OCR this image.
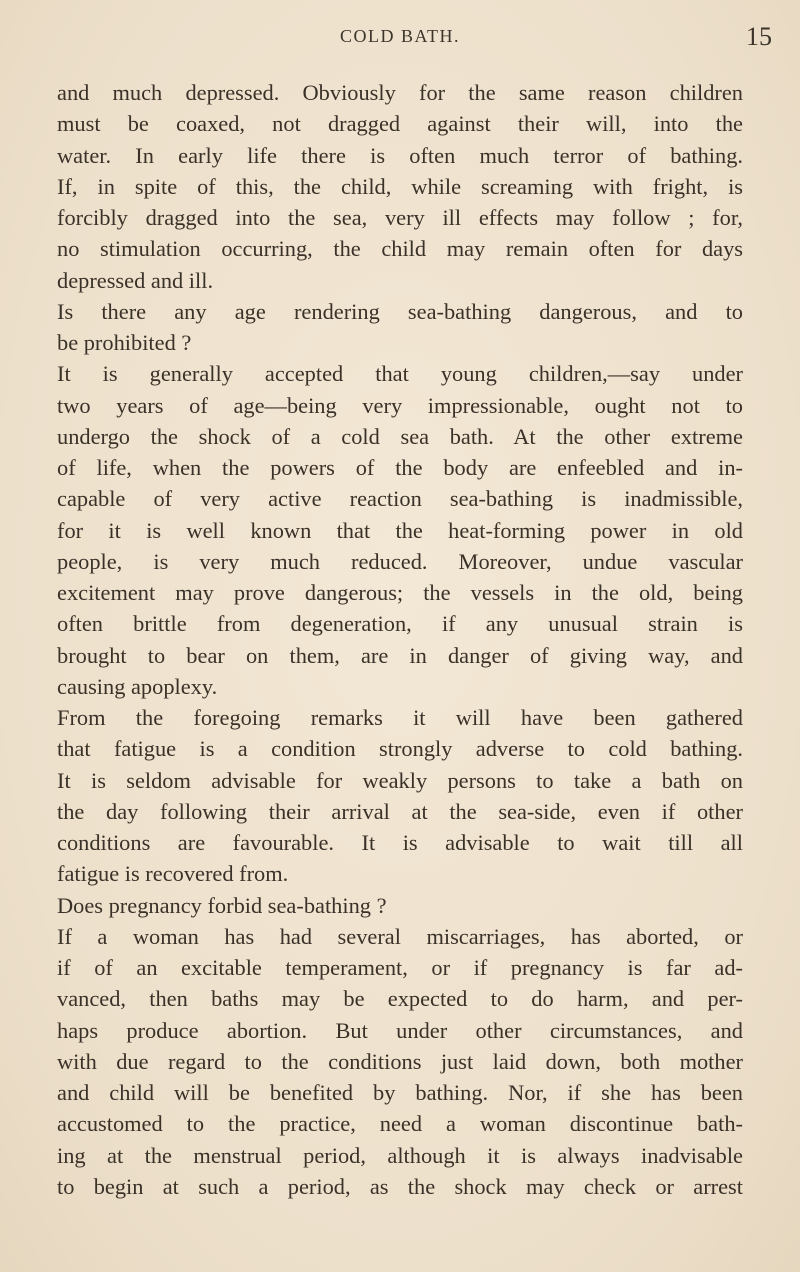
COLD BATH.	15
and much depressed. Obviously for the same reason children
must be coaxed, not dragged against their will, into the
water. In early life there is often much terror of bathing.
If, in spite of this, the child, while screaming with fright, is
forcibly dragged into the sea, very ill effects may follow ; for,
no stimulation occurring, the child may remain often for days
depressed and ill.
Is there any age rendering sea-bathing dangerous, and to
be prohibited ?
It is generally accepted that young children,—say under
two years of age—being very impressionable, ought not to
undergo the shock of a cold sea bath. At the other extreme
of life, when the powers of the body are enfeebled and in-
capable of very active reaction sea-bathing is inadmissible,
for it is well known that the heat-forming power in old
people, is very much reduced. Moreover, undue vascular
excitement may prove dangerous; the vessels in the old, being
often brittle from degeneration, if any unusual strain is
brought to bear on them, are in danger of giving way, and
causing apoplexy.
From the foregoing remarks it will have been gathered
that fatigue is a condition strongly adverse to cold bathing.
It is seldom advisable for weakly persons to take a bath on
the day following their arrival at the sea-side, even if other
conditions are favourable. It is advisable to wait till all
fatigue is recovered from.
Does pregnancy forbid sea-bathing ?
If a woman has had several miscarriages, has aborted, or
if of an excitable temperament, or if pregnancy is far ad-
vanced, then baths may be expected to do harm, and per-
haps produce abortion. But under other circumstances, and
with due regard to the conditions just laid down, both mother
and child will be benefited by bathing. Nor, if she has been
accustomed to the practice, need a woman discontinue bath-
ing at the menstrual period, although it is always inadvisable
to begin at such a period, as the shock may check or arrest
